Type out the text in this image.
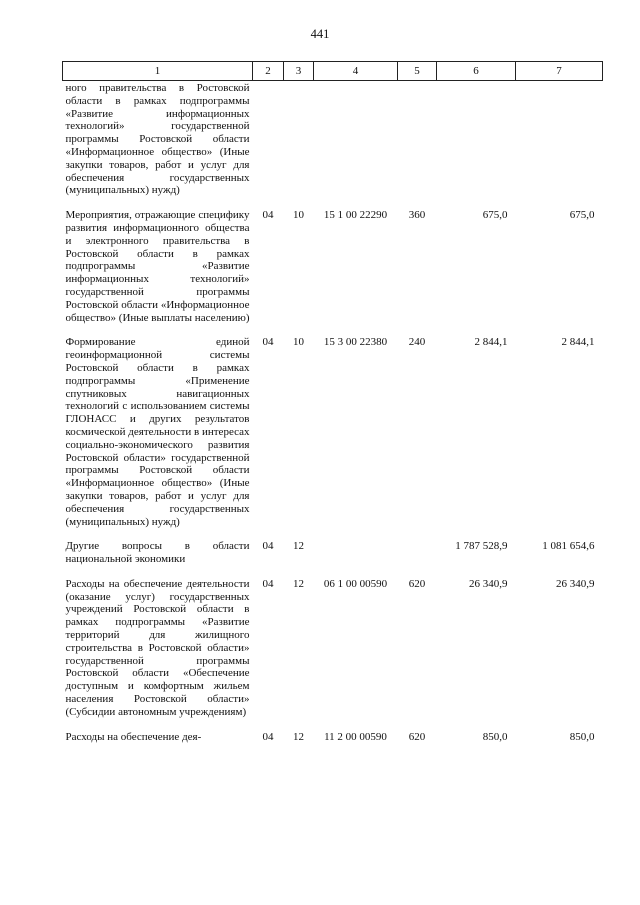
441
1	2	3	4	5	6	7
ного правительства в Ростовской области в рамках подпрограммы «Развитие информационных технологий» государственной программы Ростовской области «Информационное общество» (Иные закупки товаров, работ и услуг для обеспечения государственных (муниципальных) нужд)						
Мероприятия, отражающие специфику развития информационного общества и электронного правительства в Ростовской области в рамках подпрограммы «Развитие информационных технологий» государственной программы Ростовской области «Информационное общество» (Иные выплаты населению)	04	10	15 1 00 22290	360	675,0	675,0
Формирование единой геоинформационной системы Ростовской области в рамках подпрограммы «Применение спутниковых навигационных технологий с использованием системы ГЛОНАСС и других результатов космической деятельности в интересах социально-экономического развития Ростовской области» государственной программы Ростовской области «Информационное общество» (Иные закупки товаров, работ и услуг для обеспечения государственных (муниципальных) нужд)	04	10	15 3 00 22380	240	2 844,1	2 844,1
Другие вопросы в области национальной экономики	04	12			1 787 528,9	1 081 654,6
Расходы на обеспечение деятельности (оказание услуг) государственных учреждений Ростовской области в рамках подпрограммы «Развитие территорий для жилищного строительства в Ростовской области» государственной программы Ростовской области «Обеспечение доступным и комфортным жильем населения Ростовской области» (Субсидии автономным учреждениям)	04	12	06 1 00 00590	620	26 340,9	26 340,9
Расходы на обеспечение дея-	04	12	11 2 00 00590	620	850,0	850,0
